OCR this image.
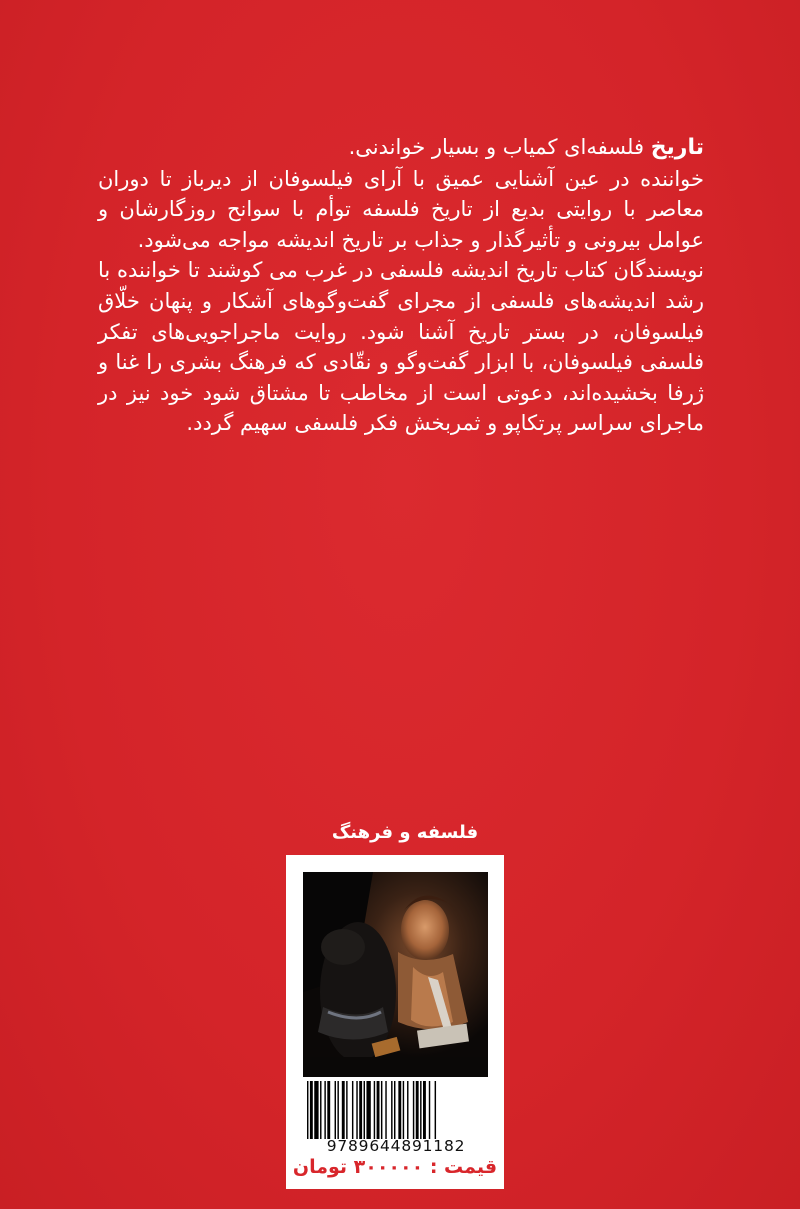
تاریخ فلسفه‌ای کمیاب و بسیار خواندنی.

خواننده در عین آشنایی عمیق با آرای فیلسوفان از دیرباز تا دوران معاصر با روایتی بدیع از تاریخ فلسفه توأم با سوانح روزگارشان و عوامل بیرونی و تأثیرگذار و جذاب بر تاریخ اندیشه مواجه می‌شود.

نویسندگان کتاب تاریخ اندیشه فلسفی در غرب می کوشند تا خواننده با رشد اندیشه‌های فلسفی از مجرای گفت‌وگوهای آشکار و پنهان خلّاق فیلسوفان، در بستر تاریخ آشنا شود. روایت ماجراجویی‌های تفکر فلسفی فیلسوفان، با ابزار گفت‌وگو و نقّادی که فرهنگ بشری را غنا و ژرفا بخشیده‌اند، دعوتی است از مخاطب تا مشتاق شود خود نیز در ماجرای سراسر پرتکاپو و ثمربخش فکر فلسفی سهیم گردد.

فلسفه و فرهنگ
9789644891182
قیمت : ۳۰۰۰۰۰ تومان
